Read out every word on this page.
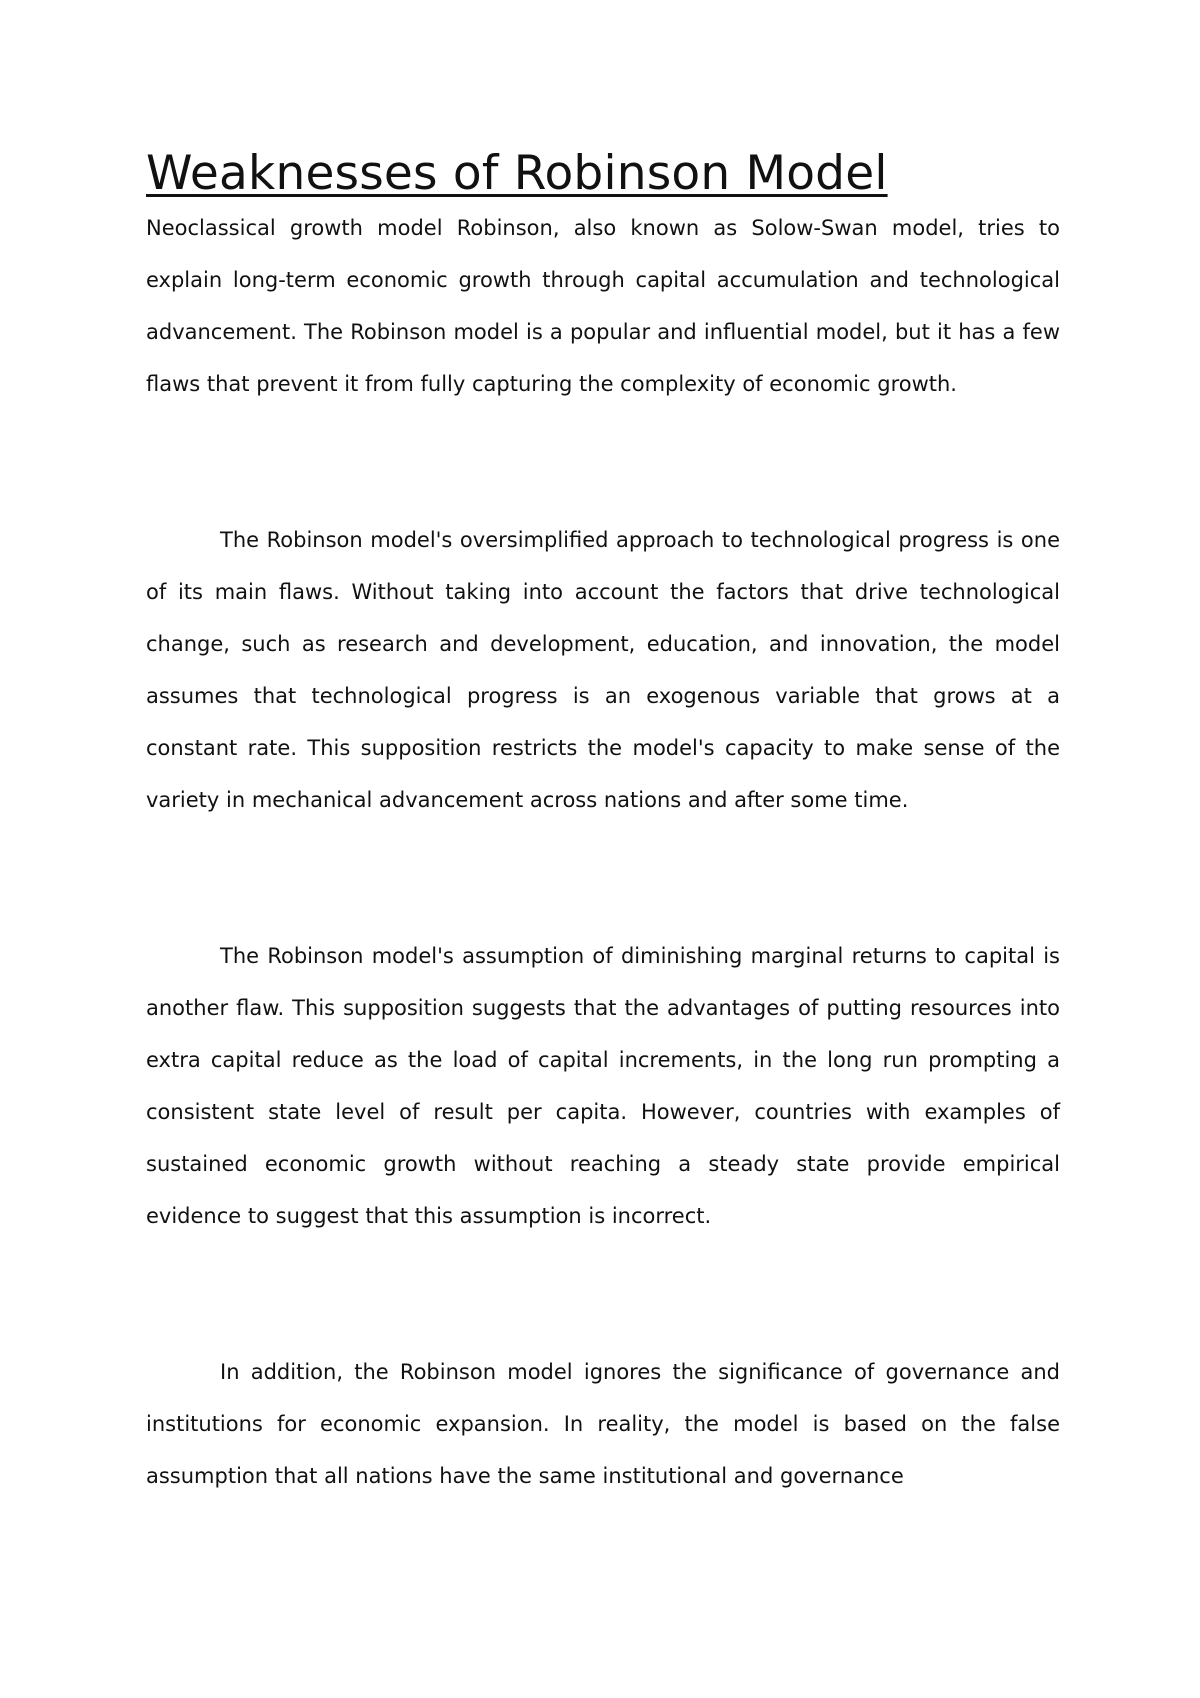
Weaknesses of Robinson Model

Neoclassical growth model Robinson, also known as Solow-Swan model, tries to explain long-term economic growth through capital accumulation and technological advancement. The Robinson model is a popular and influential model, but it has a few flaws that prevent it from fully capturing the complexity of economic growth.

The Robinson model's oversimplified approach to technological progress is one of its main flaws. Without taking into account the factors that drive technological change, such as research and development, education, and innovation, the model assumes that technological progress is an exogenous variable that grows at a constant rate. This supposition restricts the model's capacity to make sense of the variety in mechanical advancement across nations and after some time.

The Robinson model's assumption of diminishing marginal returns to capital is another flaw. This supposition suggests that the advantages of putting resources into extra capital reduce as the load of capital increments, in the long run prompting a consistent state level of result per capita. However, countries with examples of sustained economic growth without reaching a steady state provide empirical evidence to suggest that this assumption is incorrect.

In addition, the Robinson model ignores the significance of governance and institutions for economic expansion. In reality, the model is based on the false assumption that all nations have the same institutional and governance
